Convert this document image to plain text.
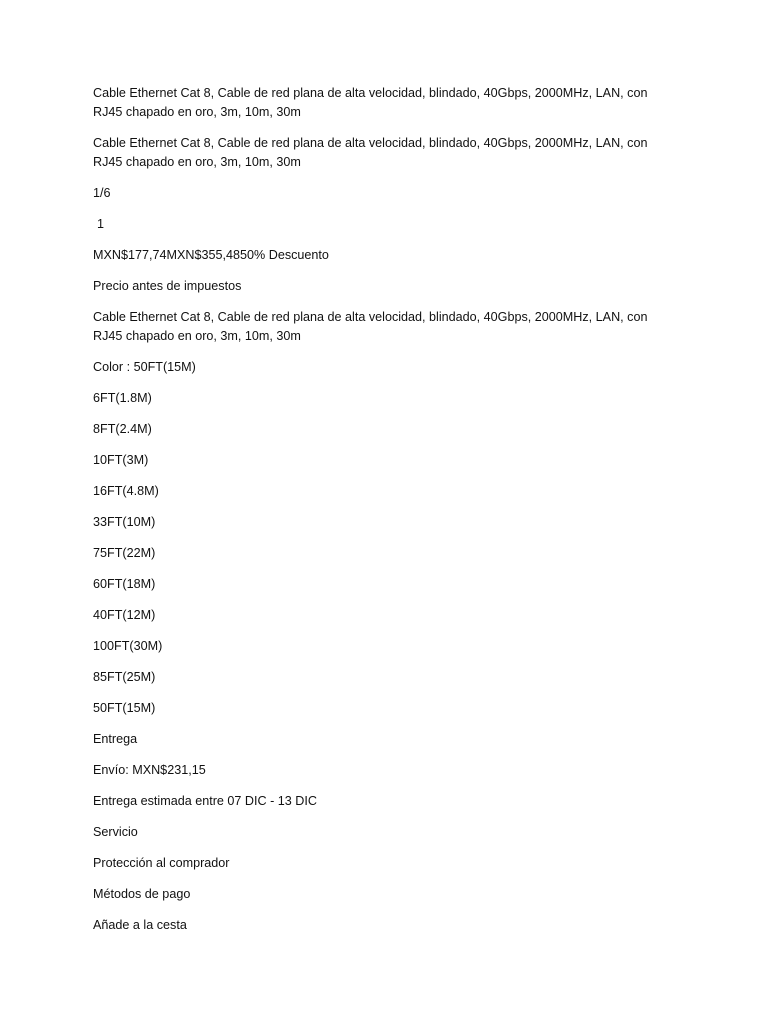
Cable Ethernet Cat 8, Cable de red plana de alta velocidad, blindado, 40Gbps, 2000MHz, LAN, con RJ45 chapado en oro, 3m, 10m, 30m

Cable Ethernet Cat 8, Cable de red plana de alta velocidad, blindado, 40Gbps, 2000MHz, LAN, con RJ45 chapado en oro, 3m, 10m, 30m

1/6

1

MXN$177,74MXN$355,4850% Descuento

Precio antes de impuestos

Cable Ethernet Cat 8, Cable de red plana de alta velocidad, blindado, 40Gbps, 2000MHz, LAN, con RJ45 chapado en oro, 3m, 10m, 30m

Color : 50FT(15M)

6FT(1.8M)

8FT(2.4M)

10FT(3M)

16FT(4.8M)

33FT(10M)

75FT(22M)

60FT(18M)

40FT(12M)

100FT(30M)

85FT(25M)

50FT(15M)

Entrega

Envío: MXN$231,15

Entrega estimada entre 07 DIC - 13 DIC

Servicio

Protección al comprador

Métodos de pago

Añade a la cesta
